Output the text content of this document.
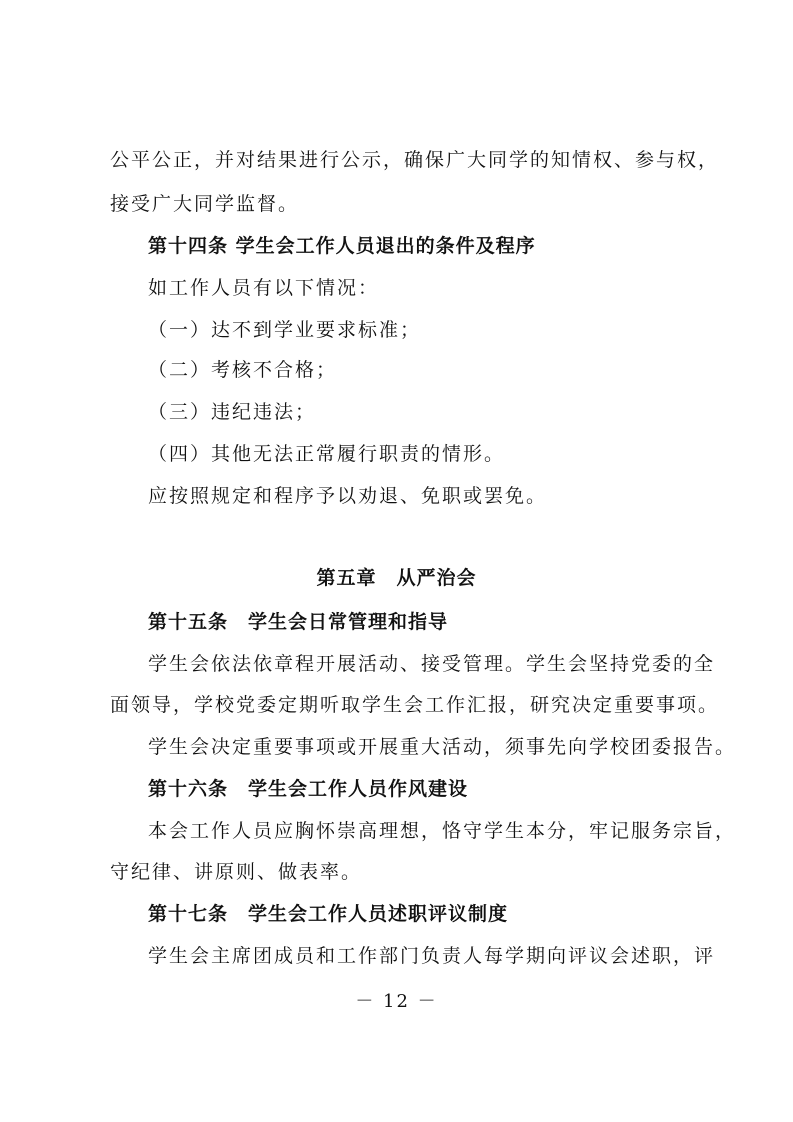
公平公正，并对结果进行公示，确保广大同学的知情权、参与权，
接受广大同学监督。
第十四条 学生会工作人员退出的条件及程序
如工作人员有以下情况：
（一）达不到学业要求标准；
（二）考核不合格；
（三）违纪违法；
（四）其他无法正常履行职责的情形。
应按照规定和程序予以劝退、免职或罢免。
第五章　从严治会
第十五条　学生会日常管理和指导
学生会依法依章程开展活动、接受管理。学生会坚持党委的全
面领导，学校党委定期听取学生会工作汇报，研究决定重要事项。
学生会决定重要事项或开展重大活动，须事先向学校团委报告。
第十六条　学生会工作人员作风建设
本会工作人员应胸怀崇高理想，恪守学生本分，牢记服务宗旨，
守纪律、讲原则、做表率。
第十七条　学生会工作人员述职评议制度
学生会主席团成员和工作部门负责人每学期向评议会述职，评
－ 12 －
